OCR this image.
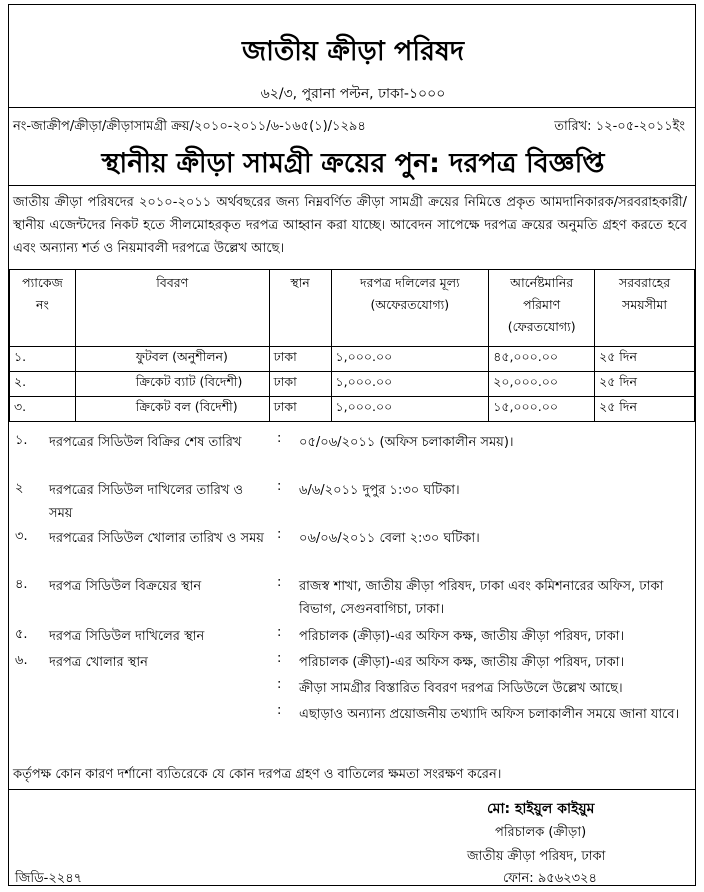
জাতীয় ক্রীড়া পরিষদ
৬২/৩, পুরানা পল্টন, ঢাকা-১০০০
নং-জাক্রীপ/ক্রীড়া/ক্রীড়াসামগ্রী ক্রয়/২০১০-২০১১/৬-১৬৫(১)/১২৯৪	তারিখ: ১২-০৫-২০১১ইং
স্থানীয় ক্রীড়া সামগ্রী ক্রয়ের পুন: দরপত্র বিজ্ঞপ্তি
জাতীয় ক্রীড়া পরিষদের ২০১০-২০১১ অর্থবছরের জন্য নিম্নবর্ণিত ক্রীড়া সামগ্রী ক্রয়ের নিমিত্তে প্রকৃত আমদানিকারক/সরবরাহকারী/স্থানীয় এজেন্টদের নিকট হতে সীলমোহরকৃত দরপত্র আহ্বান করা যাচ্ছে। আবেদন সাপেক্ষে দরপত্র ক্রয়ের অনুমতি গ্রহণ করতে হবে এবং অন্যান্য শর্ত ও নিয়মাবলী দরপত্রে উল্লেখ আছে।
প্যাকেজ নং	বিবরণ	স্থান	দরপত্র দলিলের মূল্য (অফেরতযোগ্য)	আর্নেষ্টমানির পরিমাণ (ফেরতযোগ্য)	সরবরাহের সময়সীমা
১.	ফুটবল (অনুশীলন)	ঢাকা	১,০০০.০০	৪৫,০০০.০০	২৫ দিন
২.	ক্রিকেট ব্যাট (বিদেশী)	ঢাকা	১,০০০.০০	২০,০০০.০০	২৫ দিন
৩.	ক্রিকেট বল (বিদেশী)	ঢাকা	১,০০০.০০	১৫,০০০.০০	২৫ দিন
১. দরপত্রের সিডিউল বিক্রির শেষ তারিখ	: ০৫/০৬/২০১১ (অফিস চলাকালীন সময়)।
২ দরপত্রের সিডিউল দাখিলের তারিখ ও সময়
: ৬/৬/২০১১ দুপুর ১:৩০ ঘটিকা।
৩. দরপত্রের সিডিউল খোলার তারিখ ও সময়	: ০৬/০৬/২০১১ বেলা ২:৩০ ঘটিকা।
৪. দরপত্র সিডিউল বিক্রয়ের স্থান	: রাজস্ব শাখা, জাতীয় ক্রীড়া পরিষদ, ঢাকা এবং কমিশনারের অফিস, ঢাকা বিভাগ, সেগুনবাগিচা, ঢাকা।
৫. দরপত্র সিডিউল দাখিলের স্থান	: পরিচালক (ক্রীড়া)-এর অফিস কক্ষ, জাতীয় ক্রীড়া পরিষদ, ঢাকা।
৬. দরপত্র খোলার স্থান	: পরিচালক (ক্রীড়া)-এর অফিস কক্ষ, জাতীয় ক্রীড়া পরিষদ, ঢাকা।
: ক্রীড়া সামগ্রীর বিস্তারিত বিবরণ দরপত্র সিডিউলে উল্লেখ আছে।
: এছাড়াও অন্যান্য প্রয়োজনীয় তথ্যাদি অফিস চলাকালীন সময়ে জানা যাবে।
কর্তৃপক্ষ কোন কারণ দর্শানো ব্যতিরেকে যে কোন দরপত্র গ্রহণ ও বাতিলের ক্ষমতা সংরক্ষণ করেন।
মো: হাইয়ুল কাইয়ুম
পরিচালক (ক্রীড়া)
জাতীয় ক্রীড়া পরিষদ, ঢাকা
ফোন: ৯৫৬২৩২৪
জিডি-২২৪৭
